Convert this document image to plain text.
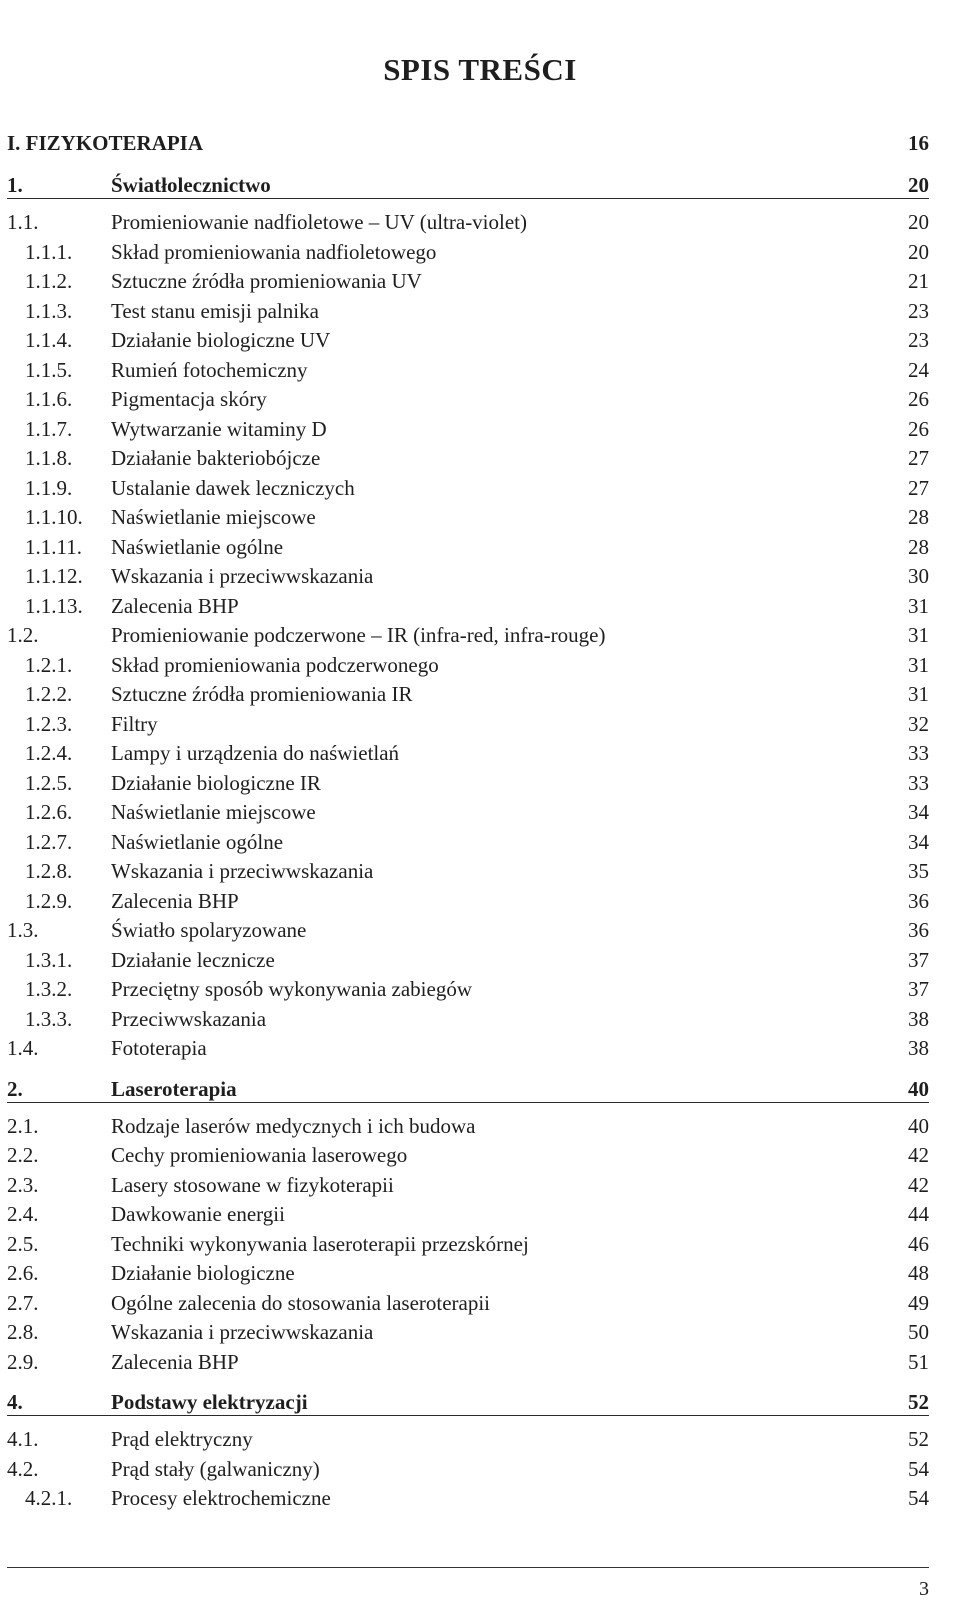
SPIS TREŚCI
I. FIZYKOTERAPIA	16
1.	Światłolecznictwo	20
1.1.	Promieniowanie nadfioletowe – UV (ultra-violet)	20
1.1.1. Skład promieniowania nadfioletowego	20
1.1.2. Sztuczne źródła promieniowania UV	21
1.1.3. Test stanu emisji palnika	23
1.1.4. Działanie biologiczne UV	23
1.1.5. Rumień fotochemiczny	24
1.1.6. Pigmentacja skóry	26
1.1.7. Wytwarzanie witaminy D	26
1.1.8. Działanie bakteriobójcze	27
1.1.9. Ustalanie dawek leczniczych	27
1.1.10. Naświetlanie miejscowe	28
1.1.11. Naświetlanie ogólne	28
1.1.12. Wskazania i przeciwwskazania	30
1.1.13. Zalecenia BHP	31
1.2.	Promieniowanie podczerwone – IR (infra-red, infra-rouge)	31
1.2.1. Skład promieniowania podczerwonego	31
1.2.2. Sztuczne źródła promieniowania IR	31
1.2.3. Filtry	32
1.2.4. Lampy i urządzenia do naświetlań	33
1.2.5. Działanie biologiczne IR	33
1.2.6. Naświetlanie miejscowe	34
1.2.7. Naświetlanie ogólne	34
1.2.8. Wskazania i przeciwwskazania	35
1.2.9. Zalecenia BHP	36
1.3.	Światło spolaryzowane	36
1.3.1. Działanie lecznicze	37
1.3.2. Przeciętny sposób wykonywania zabiegów	37
1.3.3. Przeciwwskazania	38
1.4.	Fototerapia	38
2.	Laseroterapia	40
2.1.	Rodzaje laserów medycznych i ich budowa	40
2.2.	Cechy promieniowania laserowego	42
2.3.	Lasery stosowane w fizykoterapii	42
2.4.	Dawkowanie energii	44
2.5.	Techniki wykonywania laseroterapii przezskórnej	46
2.6.	Działanie biologiczne	48
2.7.	Ogólne zalecenia do stosowania laseroterapii	49
2.8.	Wskazania i przeciwwskazania	50
2.9.	Zalecenia BHP	51
4.	Podstawy elektryzacji	52
4.1.	Prąd elektryczny	52
4.2.	Prąd stały (galwaniczny)	54
4.2.1. Procesy elektrochemiczne	54
3
